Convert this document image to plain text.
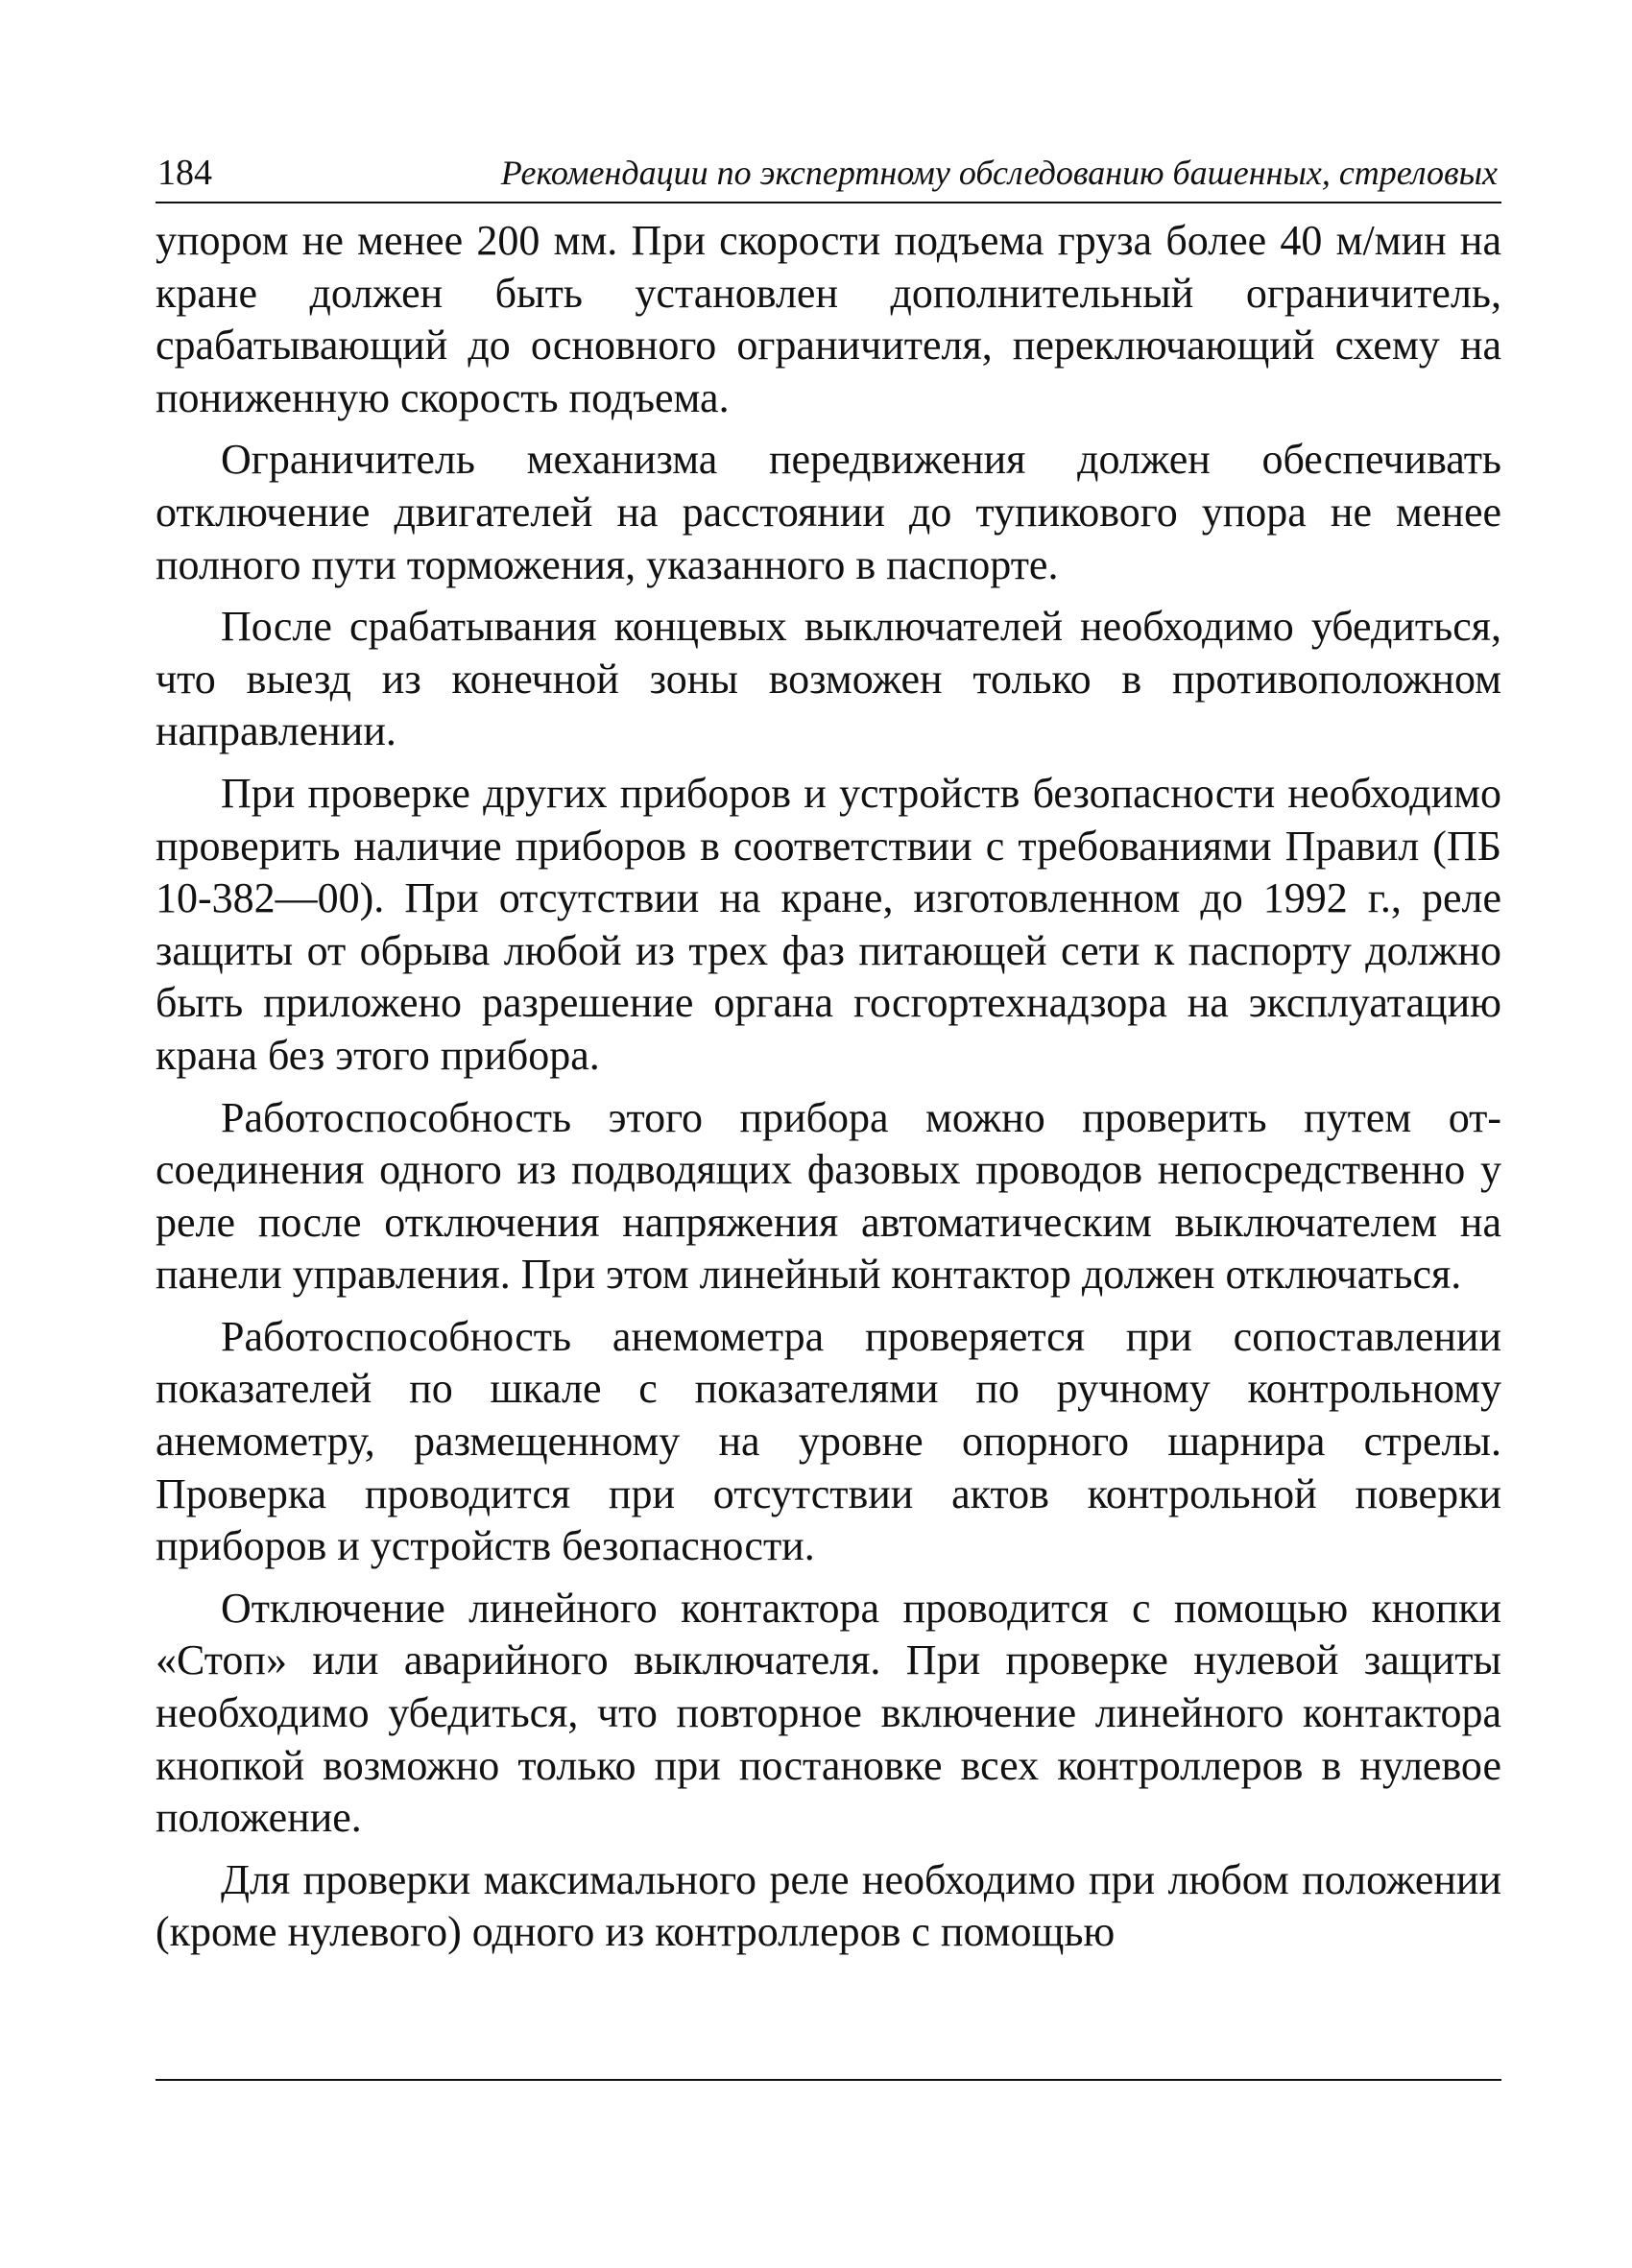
184	Рекомендации по экспертному обследованию башенных, стреловых

упором не менее 200 мм. При скорости подъема груза более 40 м/мин на кране должен быть установлен дополнительный ограничитель, срабатывающий до основного ограничителя, переключающий схему на пониженную скорость подъема.

Ограничитель механизма передвижения должен обеспечивать отключение двигателей на расстоянии до тупикового упора не менее полного пути торможения, указанного в паспорте.

После срабатывания концевых выключателей необходимо убедиться, что выезд из конечной зоны возможен только в противоположном направлении.

При проверке других приборов и устройств безопасности необходимо проверить наличие приборов в соответствии с требованиями Правил (ПБ 10-382—00). При отсутствии на кране, изготовленном до 1992 г., реле защиты от обрыва любой из трех фаз питающей сети к паспорту должно быть приложено разрешение органа госгортехнадзора на эксплуатацию крана без этого прибора.

Работоспособность этого прибора можно проверить путем отсоединения одного из подводящих фазовых проводов непосредственно у реле после отключения напряжения автоматическим выключателем на панели управления. При этом линейный контактор должен отключаться.

Работоспособность анемометра проверяется при сопоставлении показателей по шкале с показателями по ручному контрольному анемометру, размещенному на уровне опорного шарнира стрелы. Проверка проводится при отсутствии актов контрольной поверки приборов и устройств безопасности.

Отключение линейного контактора проводится с помощью кнопки «Стоп» или аварийного выключателя. При проверке нулевой защиты необходимо убедиться, что повторное включение линейного контактора кнопкой возможно только при постановке всех контроллеров в нулевое положение.

Для проверки максимального реле необходимо при любом положении (кроме нулевого) одного из контроллеров с помощью
